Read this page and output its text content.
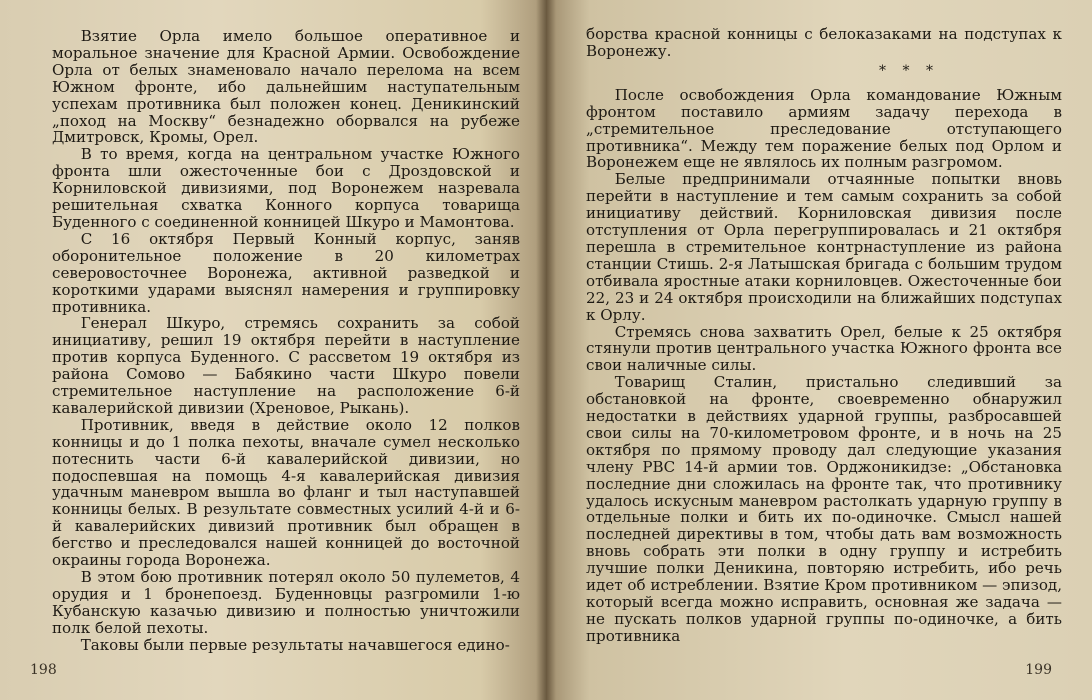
Взятие Орла имело большое оперативное и моральное значение для Красной Армии. Освобождение Орла от белых знаменовало начало перелома на всем Южном фронте, ибо дальнейшим наступательным успехам противника был положен конец. Деникинский „поход на Москву“ безнадежно оборвался на рубеже Дмитровск, Кромы, Орел.

В то время, когда на центральном участке Южного фронта шли ожесточенные бои с Дроздовской и Корниловской дивизиями, под Воронежем назревала решительная схватка Конного корпуса товарища Буденного с соединенной конницей Шкуро и Мамонтова.

С 16 октября Первый Конный корпус, заняв оборонительное положение в 20 километрах северовосточнее Воронежа, активной разведкой и короткими ударами выяснял намерения и группировку противника.

Генерал Шкуро, стремясь сохранить за собой инициативу, решил 19 октября перейти в наступление против корпуса Буденного. С рассветом 19 октября из района Сомово — Бабякино части Шкуро повели стремительное наступление на расположение 6-й кавалерийской дивизии (Хреновое, Рыкань).

Противник, введя в действие около 12 полков конницы и до 1 полка пехоты, вначале сумел несколько потеснить части 6-й кавалерийской дивизии, но подоспевшая на помощь 4-я кавалерийская дивизия удачным маневром вышла во фланг и тыл наступавшей конницы белых. В результате совместных усилий 4-й и 6-й кавалерийских дивизий противник был обращен в бегство и преследовался нашей конницей до восточной окраины города Воронежа.

В этом бою противник потерял около 50 пулеметов, 4 орудия и 1 бронепоезд. Буденновцы разгромили 1-ю Кубанскую казачью дивизию и полностью уничтожили полк белой пехоты.

Таковы были первые результаты начавшегося едино-

198

борства красной конницы с белоказаками на подступах к Воронежу.

* * *

После освобождения Орла командование Южным фронтом поставило армиям задачу перехода в „стремительное преследование отступающего противника“. Между тем поражение белых под Орлом и Воронежем еще не являлось их полным разгромом.

Белые предпринимали отчаянные попытки вновь перейти в наступление и тем самым сохранить за собой инициативу действий. Корниловская дивизия после отступления от Орла перегруппировалась и 21 октября перешла в стремительное контрнаступление из района станции Стишь. 2-я Латышская бригада с большим трудом отбивала яростные атаки корниловцев. Ожесточенные бои 22, 23 и 24 октября происходили на ближайших подступах к Орлу.

Стремясь снова захватить Орел, белые к 25 октября стянули против центрального участка Южного фронта все свои наличные силы.

Товарищ Сталин, пристально следивший за обстановкой на фронте, своевременно обнаружил недостатки в действиях ударной группы, разбросавшей свои силы на 70-километровом фронте, и в ночь на 25 октября по прямому проводу дал следующие указания члену РВС 14-й армии тов. Орджоникидзе: „Обстановка последние дни сложилась на фронте так, что противнику удалось искусным маневром растолкать ударную группу в отдельные полки и бить их по-одиночке. Смысл нашей последней директивы в том, чтобы дать вам возможность вновь собрать эти полки в одну группу и истребить лучшие полки Деникина, повторяю истребить, ибо речь идет об истреблении. Взятие Кром противником — эпизод, который всегда можно исправить, основная же задача — не пускать полков ударной группы по-одиночке, а бить противника

199
